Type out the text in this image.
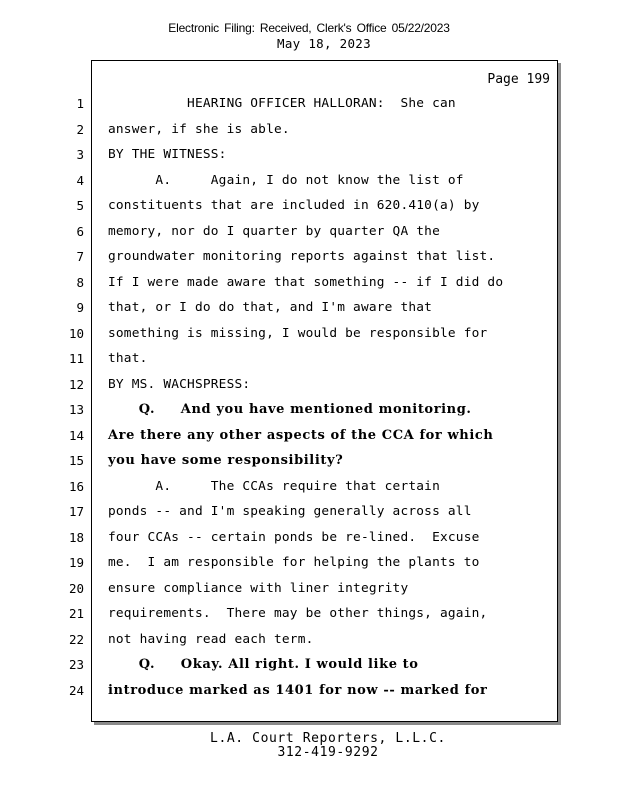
Electronic Filing: Received, Clerk's Office 05/22/2023
May 18, 2023
Page 199
1 HEARING OFFICER HALLORAN:  She can
2 answer, if she is able.
3 BY THE WITNESS:
4 A.     Again, I do not know the list of
5 constituents that are included in 620.410(a) by
6 memory, nor do I quarter by quarter QA the
7 groundwater monitoring reports against that list.
8 If I were made aware that something -- if I did do
9 that, or I do do that, and I'm aware that
10 something is missing, I would be responsible for
11 that.
12 BY MS. WACHSPRESS:
13 Q.     And you have mentioned monitoring.
14 Are there any other aspects of the CCA for which
15 you have some responsibility?
16 A.     The CCAs require that certain
17 ponds -- and I'm speaking generally across all
18 four CCAs -- certain ponds be re-lined.  Excuse
19 me.  I am responsible for helping the plants to
20 ensure compliance with liner integrity
21 requirements.  There may be other things, again,
22 not having read each term.
23 Q.     Okay. All right. I would like to
24 introduce marked as 1401 for now -- marked for
L.A. Court Reporters, L.L.C.
312-419-9292
